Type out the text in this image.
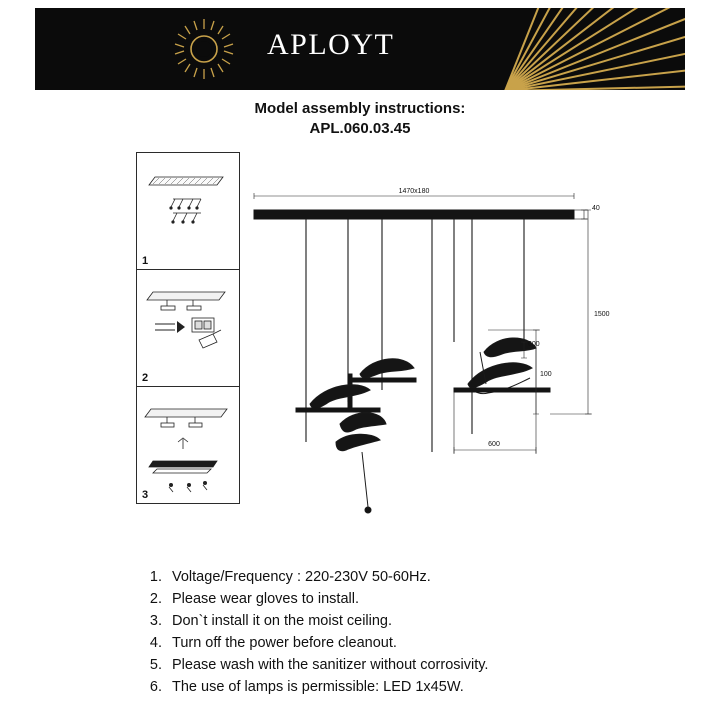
APLOYT
Model assembly instructions:
APL.060.03.45
1
2
3
1470x180
40
1500
100
600
600
1. Voltage/Frequency : 220-230V 50-60Hz.
2. Please wear gloves to install.
3. Don`t install it on the moist ceiling.
4. Turn off the power before cleanout.
5. Please wash with the sanitizer without corrosivity.
6. The use of lamps is permissible: LED 1x45W.
